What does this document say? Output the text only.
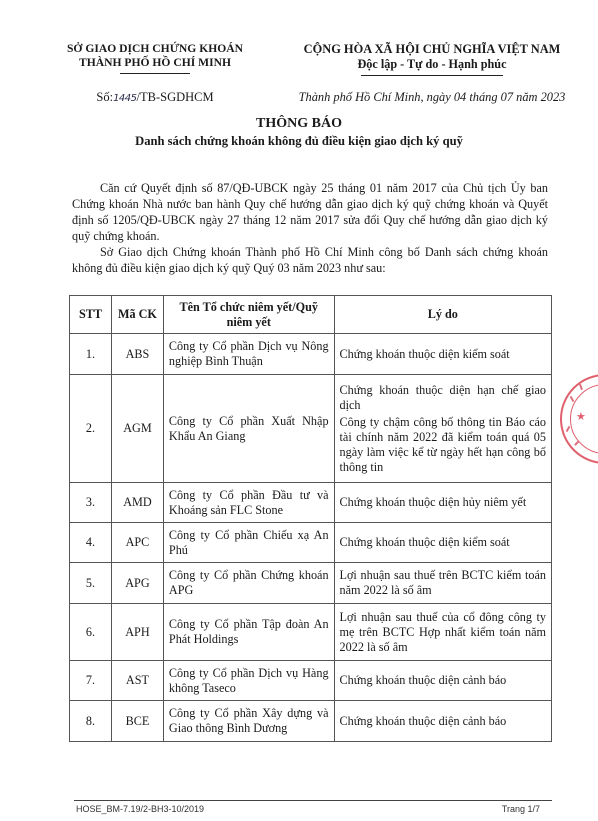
SỞ GIAO DỊCH CHỨNG KHOÁN
THÀNH PHỐ HỒ CHÍ MINH
CỘNG HÒA XÃ HỘI CHỦ NGHĨA VIỆT NAM
Độc lập - Tự do - Hạnh phúc
Số:1445/TB-SGDHCM	Thành phố Hồ Chí Minh, ngày 04 tháng 07 năm 2023
THÔNG BÁO
Danh sách chứng khoán không đủ điều kiện giao dịch ký quỹ

Căn cứ Quyết định số 87/QĐ-UBCK ngày 25 tháng 01 năm 2017 của Chủ tịch Ủy ban Chứng khoán Nhà nước ban hành Quy chế hướng dẫn giao dịch ký quỹ chứng khoán và Quyết định số 1205/QĐ-UBCK ngày 27 tháng 12 năm 2017 sửa đổi Quy chế hướng dẫn giao dịch ký quỹ chứng khoán.

Sở Giao dịch Chứng khoán Thành phố Hồ Chí Minh công bố Danh sách chứng khoán không đủ điều kiện giao dịch ký quỹ Quý 03 năm 2023 như sau:

STT	Mã CK	Tên Tổ chức niêm yết/Quỹ niêm yết	Lý do
1.	ABS	Công ty Cổ phần Dịch vụ Nông nghiệp Bình Thuận	Chứng khoán thuộc diện kiểm soát

2.	AGM	Công ty Cổ phần Xuất Nhập Khẩu An Giang	Chứng khoán thuộc diện hạn chế giao dịch

Công ty chậm công bố thông tin Báo cáo tài chính năm 2022 đã kiểm toán quá 05 ngày làm việc kể từ ngày hết hạn công bố thông tin

3.	AMD	Công ty Cổ phần Đầu tư và Khoáng sản FLC Stone	Chứng khoán thuộc diện hủy niêm yết

4.	APC	Công ty Cổ phần Chiếu xạ An Phú	Chứng khoán thuộc diện kiểm soát

5.	APG	Công ty Cổ phần Chứng khoán APG	Lợi nhuận sau thuế trên BCTC kiểm toán năm 2022 là số âm

6.	APH	Công ty Cổ phần Tập đoàn An Phát Holdings	Lợi nhuận sau thuế của cổ đông công ty mẹ trên BCTC Hợp nhất kiểm toán năm 2022 là số âm

7.	AST	Công ty Cổ phần Dịch vụ Hàng không Taseco	Chứng khoán thuộc diện cảnh báo

8.	BCE	Công ty Cổ phần Xây dựng và Giao thông Bình Dương	Chứng khoán thuộc diện cảnh báo

★
HOSE_BM-7.19/2-BH3-10/2019	Trang 1/7
